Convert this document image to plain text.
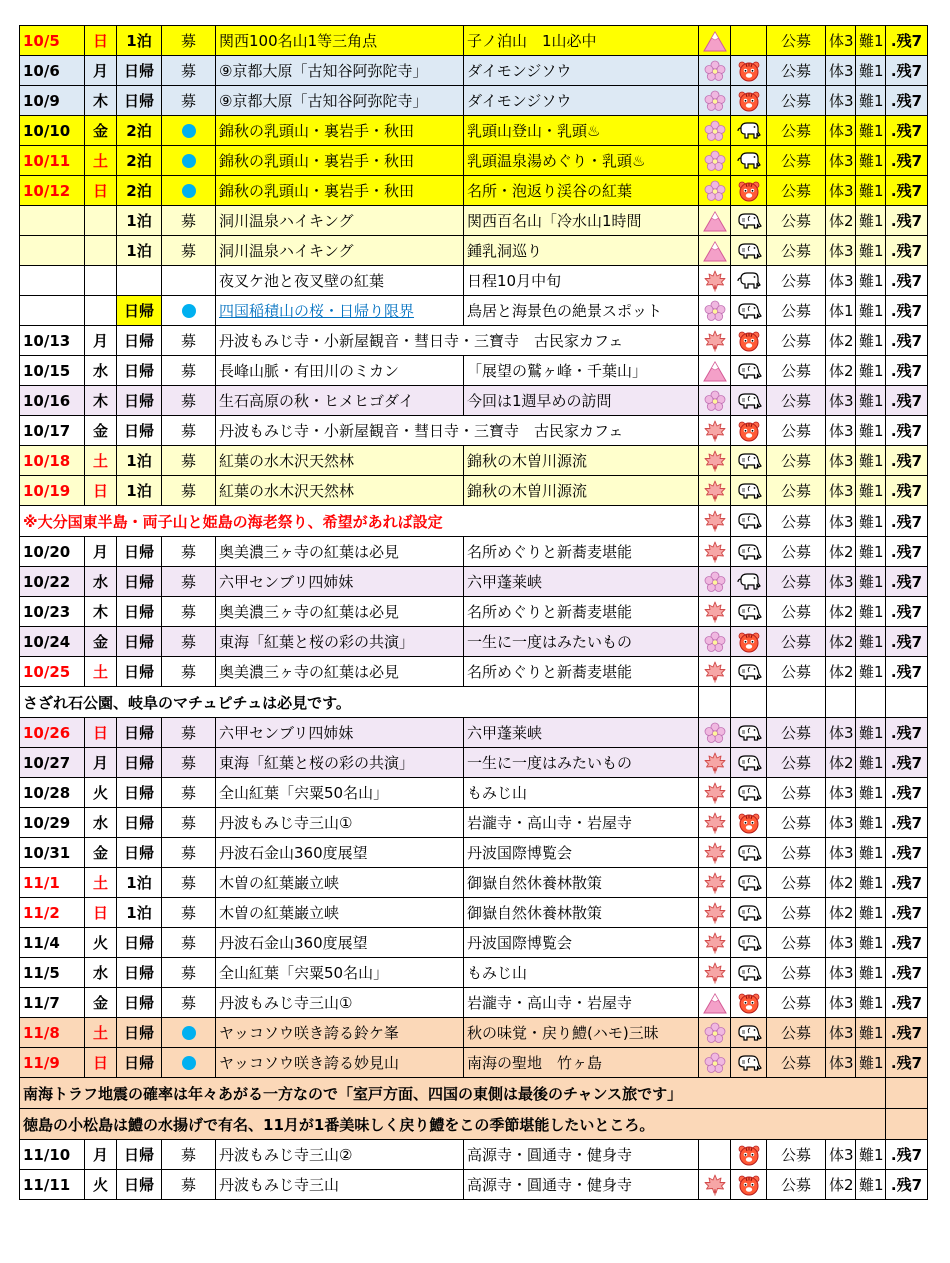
10/5	日	1泊	募	関西100名山1等三角点	子ノ泊山　1山必中			公募	体3	難1	.残7
10/6	月	日帰	募	⑨京都大原「古知谷阿弥陀寺」	ダイモンジソウ			公募	体3	難1	.残7
10/9	木	日帰	募	⑨京都大原「古知谷阿弥陀寺」	ダイモンジソウ			公募	体3	難1	.残7
10/10	金	2泊		錦秋の乳頭山・裏岩手・秋田	乳頭山登山・乳頭♨			公募	体3	難1	.残7
10/11	土	2泊		錦秋の乳頭山・裏岩手・秋田	乳頭温泉湯めぐり・乳頭♨			公募	体3	難1	.残7
10/12	日	2泊		錦秋の乳頭山・裏岩手・秋田	名所・泡返り渓谷の紅葉			公募	体3	難1	.残7
		1泊	募	洞川温泉ハイキング	関西百名山「冷水山1時間			公募	体2	難1	.残7
		1泊	募	洞川温泉ハイキング	鍾乳洞巡り			公募	体3	難1	.残7
				夜叉ケ池と夜叉壁の紅葉	日程10月中旬			公募	体3	難1	.残7
		日帰		四国稲積山の桜・日帰り限界	鳥居と海景色の絶景スポット			公募	体1	難1	.残7
10/13	月	日帰	募	丹波もみじ寺・小新屋観音・彗日寺・三寶寺　古民家カフェ				公募	体2	難1	.残7
10/15	水	日帰	募	長峰山脈・有田川のミカン	「展望の鷲ヶ峰・千葉山」			公募	体2	難1	.残7
10/16	木	日帰	募	生石高原の秋・ヒメヒゴダイ	今回は1週早めの訪問			公募	体3	難1	.残7
10/17	金	日帰	募	丹波もみじ寺・小新屋観音・彗日寺・三寶寺　古民家カフェ				公募	体3	難1	.残7
10/18	土	1泊	募	紅葉の水木沢天然林	錦秋の木曽川源流			公募	体3	難1	.残7
10/19	日	1泊	募	紅葉の水木沢天然林	錦秋の木曽川源流			公募	体3	難1	.残7
※大分国東半島・両子山と姫島の海老祭り、希望があれば設定								公募	体3	難1	.残7
10/20	月	日帰	募	奥美濃三ヶ寺の紅葉は必見	名所めぐりと新蕎麦堪能			公募	体2	難1	.残7
10/22	水	日帰	募	六甲センブリ四姉妹	六甲蓬莱峡			公募	体3	難1	.残7
10/23	木	日帰	募	奥美濃三ヶ寺の紅葉は必見	名所めぐりと新蕎麦堪能			公募	体2	難1	.残7
10/24	金	日帰	募	東海「紅葉と桜の彩の共演」	一生に一度はみたいもの			公募	体2	難1	.残7
10/25	土	日帰	募	奥美濃三ヶ寺の紅葉は必見	名所めぐりと新蕎麦堪能			公募	体2	難1	.残7
さざれ石公園、岐阜のマチュピチュは必見です。											
10/26	日	日帰	募	六甲センブリ四姉妹	六甲蓬莱峡			公募	体3	難1	.残7
10/27	月	日帰	募	東海「紅葉と桜の彩の共演」	一生に一度はみたいもの			公募	体2	難1	.残7
10/28	火	日帰	募	全山紅葉「宍粟50名山」	もみじ山			公募	体3	難1	.残7
10/29	水	日帰	募	丹波もみじ寺三山①	岩瀧寺・高山寺・岩屋寺			公募	体3	難1	.残7
10/31	金	日帰	募	丹波石金山360度展望	丹波国際博覧会			公募	体3	難1	.残7
11/1	土	1泊	募	木曽の紅葉巌立峡	御嶽自然休養林散策			公募	体2	難1	.残7
11/2	日	1泊	募	木曽の紅葉巌立峡	御嶽自然休養林散策			公募	体2	難1	.残7
11/4	火	日帰	募	丹波石金山360度展望	丹波国際博覧会			公募	体3	難1	.残7
11/5	水	日帰	募	全山紅葉「宍粟50名山」	もみじ山			公募	体3	難1	.残7
11/7	金	日帰	募	丹波もみじ寺三山①	岩瀧寺・高山寺・岩屋寺			公募	体3	難1	.残7
11/8	土	日帰		ヤッコソウ咲き誇る鈴ケ峯	秋の味覚・戻り鱧(ハモ)三昧			公募	体3	難1	.残7
11/9	日	日帰		ヤッコソウ咲き誇る妙見山	南海の聖地　竹ヶ島			公募	体3	難1	.残7
南海トラフ地震の確率は年々あがる一方なので「室戸方面、四国の東側は最後のチャンス旅です」											
徳島の小松島は鱧の水揚げで有名、11月が1番美味しく戻り鱧をこの季節堪能したいところ。											
11/10	月	日帰	募	丹波もみじ寺三山②	高源寺・圓通寺・健身寺			公募	体3	難1	.残7
11/11	火	日帰	募	丹波もみじ寺三山	高源寺・圓通寺・健身寺			公募	体2	難1	.残7
